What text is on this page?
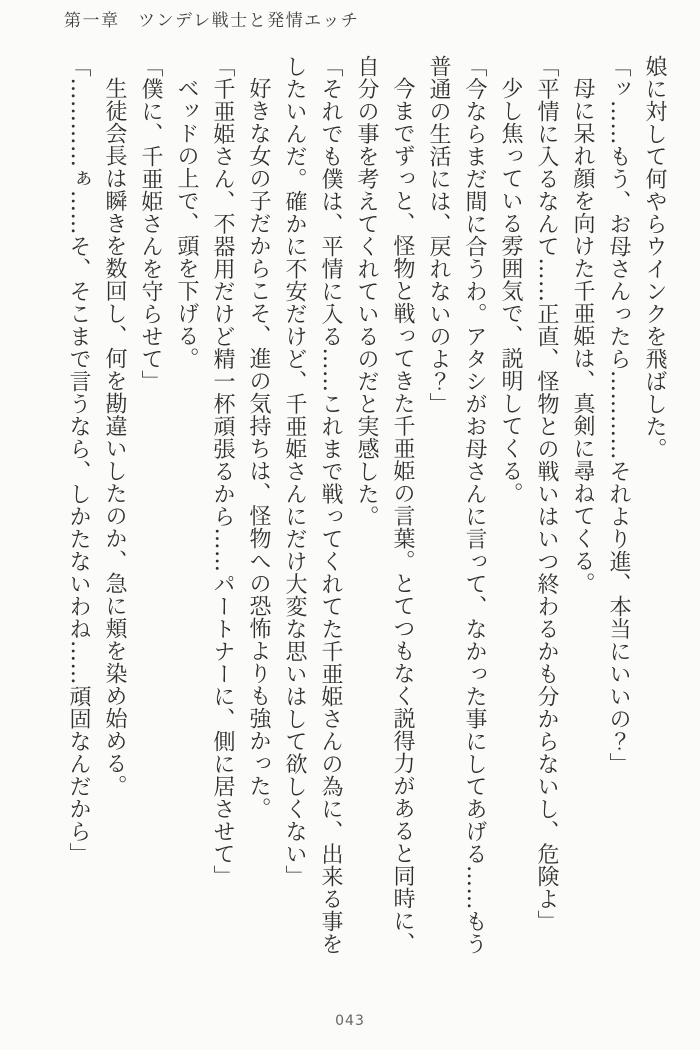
第一章　ツンデレ戦士と発情エッチ

娘に対して何やらウインクを飛ばした。

「ッ……もう、お母さんったら…………それより進、本当にいいの？」

母に呆れ顔を向けた千亜姫は、真剣に尋ねてくる。

「平情に入るなんて……正直、怪物との戦いはいつ終わるかも分からないし、危険よ」

少し焦っている雰囲気で、説明してくる。

「今ならまだ間に合うわ。アタシがお母さんに言って、なかった事にしてあげる……もう

普通の生活には、戻れないのよ？」

今までずっと、怪物と戦ってきた千亜姫の言葉。とてつもなく説得力があると同時に、

自分の事を考えてくれているのだと実感した。

「それでも僕は、平情に入る……これまで戦ってくれてた千亜姫さんの為に、出来る事を

したいんだ。確かに不安だけど、千亜姫さんにだけ大変な思いはして欲しくない」

好きな女の子だからこそ、進の気持ちは、怪物への恐怖よりも強かった。

「千亜姫さん、不器用だけど精一杯頑張るから……パートナーに、側に居させて」

ベッドの上で、頭を下げる。

「僕に、千亜姫さんを守らせて」

生徒会長は瞬きを数回し、何を勘違いしたのか、急に頬を染め始める。

「…………ぁ……そ、そこまで言うなら、しかたないわね……頑固なんだから」

043
